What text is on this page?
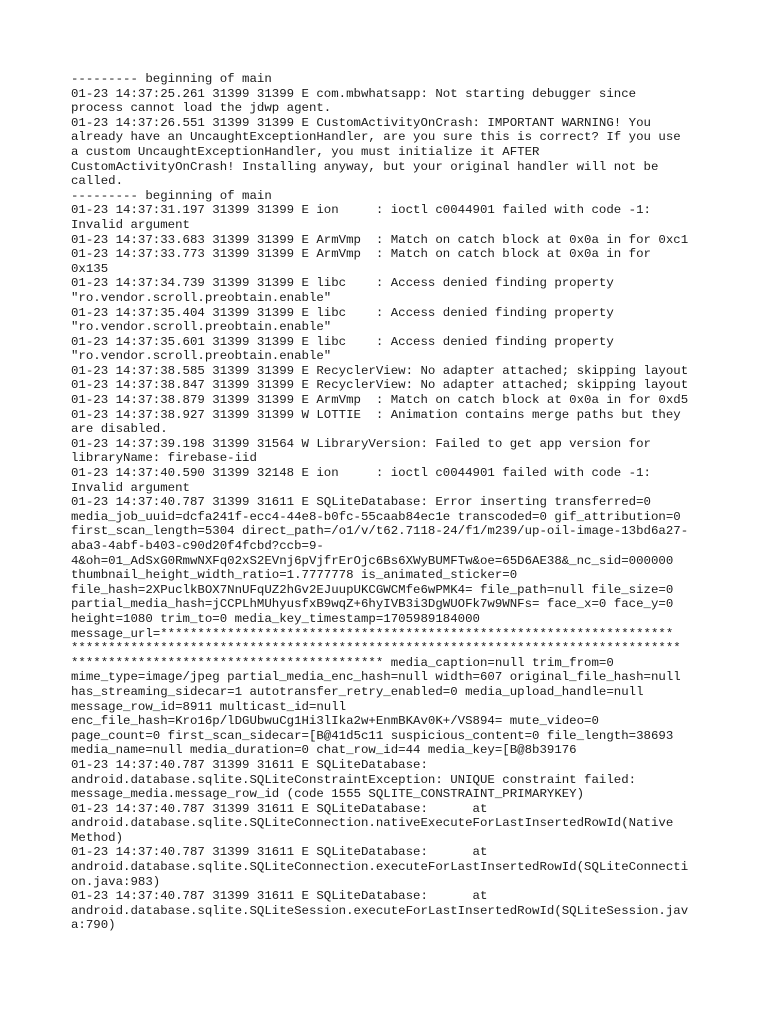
--------- beginning of main
01-23 14:37:25.261 31399 31399 E com.mbwhatsapp: Not starting debugger since
process cannot load the jdwp agent.
01-23 14:37:26.551 31399 31399 E CustomActivityOnCrash: IMPORTANT WARNING! You
already have an UncaughtExceptionHandler, are you sure this is correct? If you use
a custom UncaughtExceptionHandler, you must initialize it AFTER
CustomActivityOnCrash! Installing anyway, but your original handler will not be
called.
--------- beginning of main
01-23 14:37:31.197 31399 31399 E ion     : ioctl c0044901 failed with code -1:
Invalid argument
01-23 14:37:33.683 31399 31399 E ArmVmp  : Match on catch block at 0x0a in for 0xc1
01-23 14:37:33.773 31399 31399 E ArmVmp  : Match on catch block at 0x0a in for
0x135
01-23 14:37:34.739 31399 31399 E libc    : Access denied finding property
"ro.vendor.scroll.preobtain.enable"
01-23 14:37:35.404 31399 31399 E libc    : Access denied finding property
"ro.vendor.scroll.preobtain.enable"
01-23 14:37:35.601 31399 31399 E libc    : Access denied finding property
"ro.vendor.scroll.preobtain.enable"
01-23 14:37:38.585 31399 31399 E RecyclerView: No adapter attached; skipping layout
01-23 14:37:38.847 31399 31399 E RecyclerView: No adapter attached; skipping layout
01-23 14:37:38.879 31399 31399 E ArmVmp  : Match on catch block at 0x0a in for 0xd5
01-23 14:37:38.927 31399 31399 W LOTTIE  : Animation contains merge paths but they
are disabled.
01-23 14:37:39.198 31399 31564 W LibraryVersion: Failed to get app version for
libraryName: firebase-iid
01-23 14:37:40.590 31399 32148 E ion     : ioctl c0044901 failed with code -1:
Invalid argument
01-23 14:37:40.787 31399 31611 E SQLiteDatabase: Error inserting transferred=0
media_job_uuid=dcfa241f-ecc4-44e8-b0fc-55caab84ec1e transcoded=0 gif_attribution=0
first_scan_length=5304 direct_path=/o1/v/t62.7118-24/f1/m239/up-oil-image-13bd6a27-
aba3-4abf-b403-c90d20f4fcbd?ccb=9-
4&oh=01_AdSxG0RmwNXFq02xS2EVnj6pVjfrErOjc6Bs6XWyBUMFTw&oe=65D6AE38&_nc_sid=000000
thumbnail_height_width_ratio=1.7777778 is_animated_sticker=0
file_hash=2XPuclkBOX7NnUFqUZ2hGv2EJuupUKCGWCMfe6wPMK4= file_path=null file_size=0
partial_media_hash=jCCPLhMUhyusfxB9wqZ+6hyIVB3i3DgWUOFk7w9WNFs= face_x=0 face_y=0
height=1080 trim_to=0 media_key_timestamp=1705989184000
message_url=*********************************************************************
**********************************************************************************
****************************************** media_caption=null trim_from=0
mime_type=image/jpeg partial_media_enc_hash=null width=607 original_file_hash=null
has_streaming_sidecar=1 autotransfer_retry_enabled=0 media_upload_handle=null
message_row_id=8911 multicast_id=null
enc_file_hash=Kro16p/lDGUbwuCg1Hi3lIka2w+EnmBKAv0K+/VS894= mute_video=0
page_count=0 first_scan_sidecar=[B@41d5c11 suspicious_content=0 file_length=38693
media_name=null media_duration=0 chat_row_id=44 media_key=[B@8b39176
01-23 14:37:40.787 31399 31611 E SQLiteDatabase:
android.database.sqlite.SQLiteConstraintException: UNIQUE constraint failed:
message_media.message_row_id (code 1555 SQLITE_CONSTRAINT_PRIMARYKEY)
01-23 14:37:40.787 31399 31611 E SQLiteDatabase:      at
android.database.sqlite.SQLiteConnection.nativeExecuteForLastInsertedRowId(Native
Method)
01-23 14:37:40.787 31399 31611 E SQLiteDatabase:      at
android.database.sqlite.SQLiteConnection.executeForLastInsertedRowId(SQLiteConnecti
on.java:983)
01-23 14:37:40.787 31399 31611 E SQLiteDatabase:      at
android.database.sqlite.SQLiteSession.executeForLastInsertedRowId(SQLiteSession.jav
a:790)
